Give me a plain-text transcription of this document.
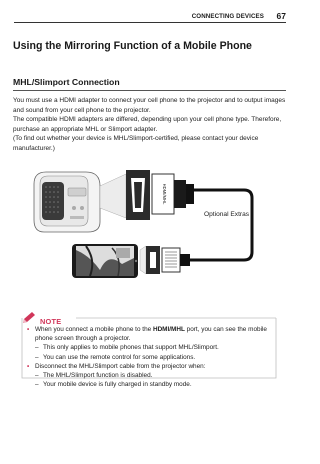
CONNECTING DEVICES 67
Using the Mirroring Function of a Mobile Phone
MHL/Slimport Connection

You must use a HDMI adapter to connect your cell phone to the projector and to output images and sound from your cell phone to the projector.

The compatible HDMI adapters are differed, depending upon your cell phone type. Therefore, purchase an appropriate MHL or Slimport adapter.

(To find out whether your device is MHL/Slimport-certified, please contact your device manufacturer.)

HDMI/MHL
Optional Extras
NOTE
• When you connect a mobile phone to the HDMI/MHL port, you can see the mobile phone screen through a projector.
– This only applies to mobile phones that support MHL/Slimport.
– You can use the remote control for some applications.
• Disconnect the MHL/Slimport cable from the projector when:
– The MHL/Slimport function is disabled.
– Your mobile device is fully charged in standby mode.
